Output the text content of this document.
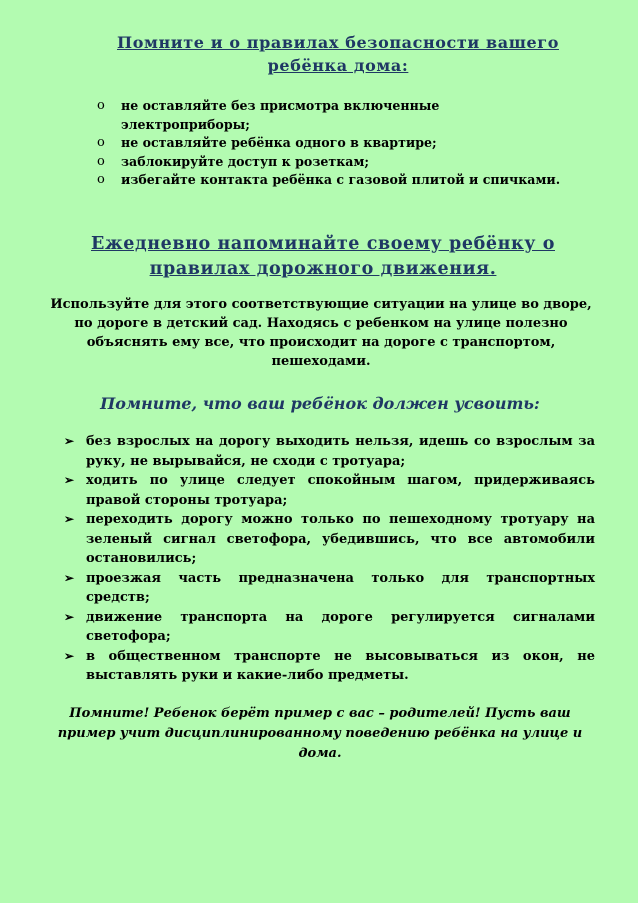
Помните и о правилах безопасности вашего ребёнка дома:
o не оставляйте без присмотра включенные электроприборы;
o не оставляйте ребёнка одного в квартире;
o заблокируйте доступ к розеткам;
o избегайте контакта ребёнка с газовой плитой и спичками.
Ежедневно напоминайте своему ребёнку о правилах дорожного движения.
Используйте для этого соответствующие ситуации на улице во дворе, по дороге в детский сад. Находясь с ребенком на улице полезно объяснять ему все, что происходит на дороге с транспортом, пешеходами.
Помните, что ваш ребёнок должен усвоить:
➢ без взрослых на дорогу выходить нельзя, идешь со взрослым за руку, не вырывайся, не сходи с тротуара;
➢ ходить по улице следует спокойным шагом, придерживаясь правой стороны тротуара;
➢ переходить дорогу можно только по пешеходному тротуару на зеленый сигнал светофора, убедившись, что все автомобили остановились;
➢ проезжая часть предназначена только для транспортных средств;
➢ движение транспорта на дороге регулируется сигналами светофора;
➢ в общественном транспорте не высовываться из окон, не выставлять руки и какие-либо предметы.
Помните! Ребенок берёт пример с вас – родителей! Пусть ваш пример учит дисциплинированному поведению ребёнка на улице и дома.
